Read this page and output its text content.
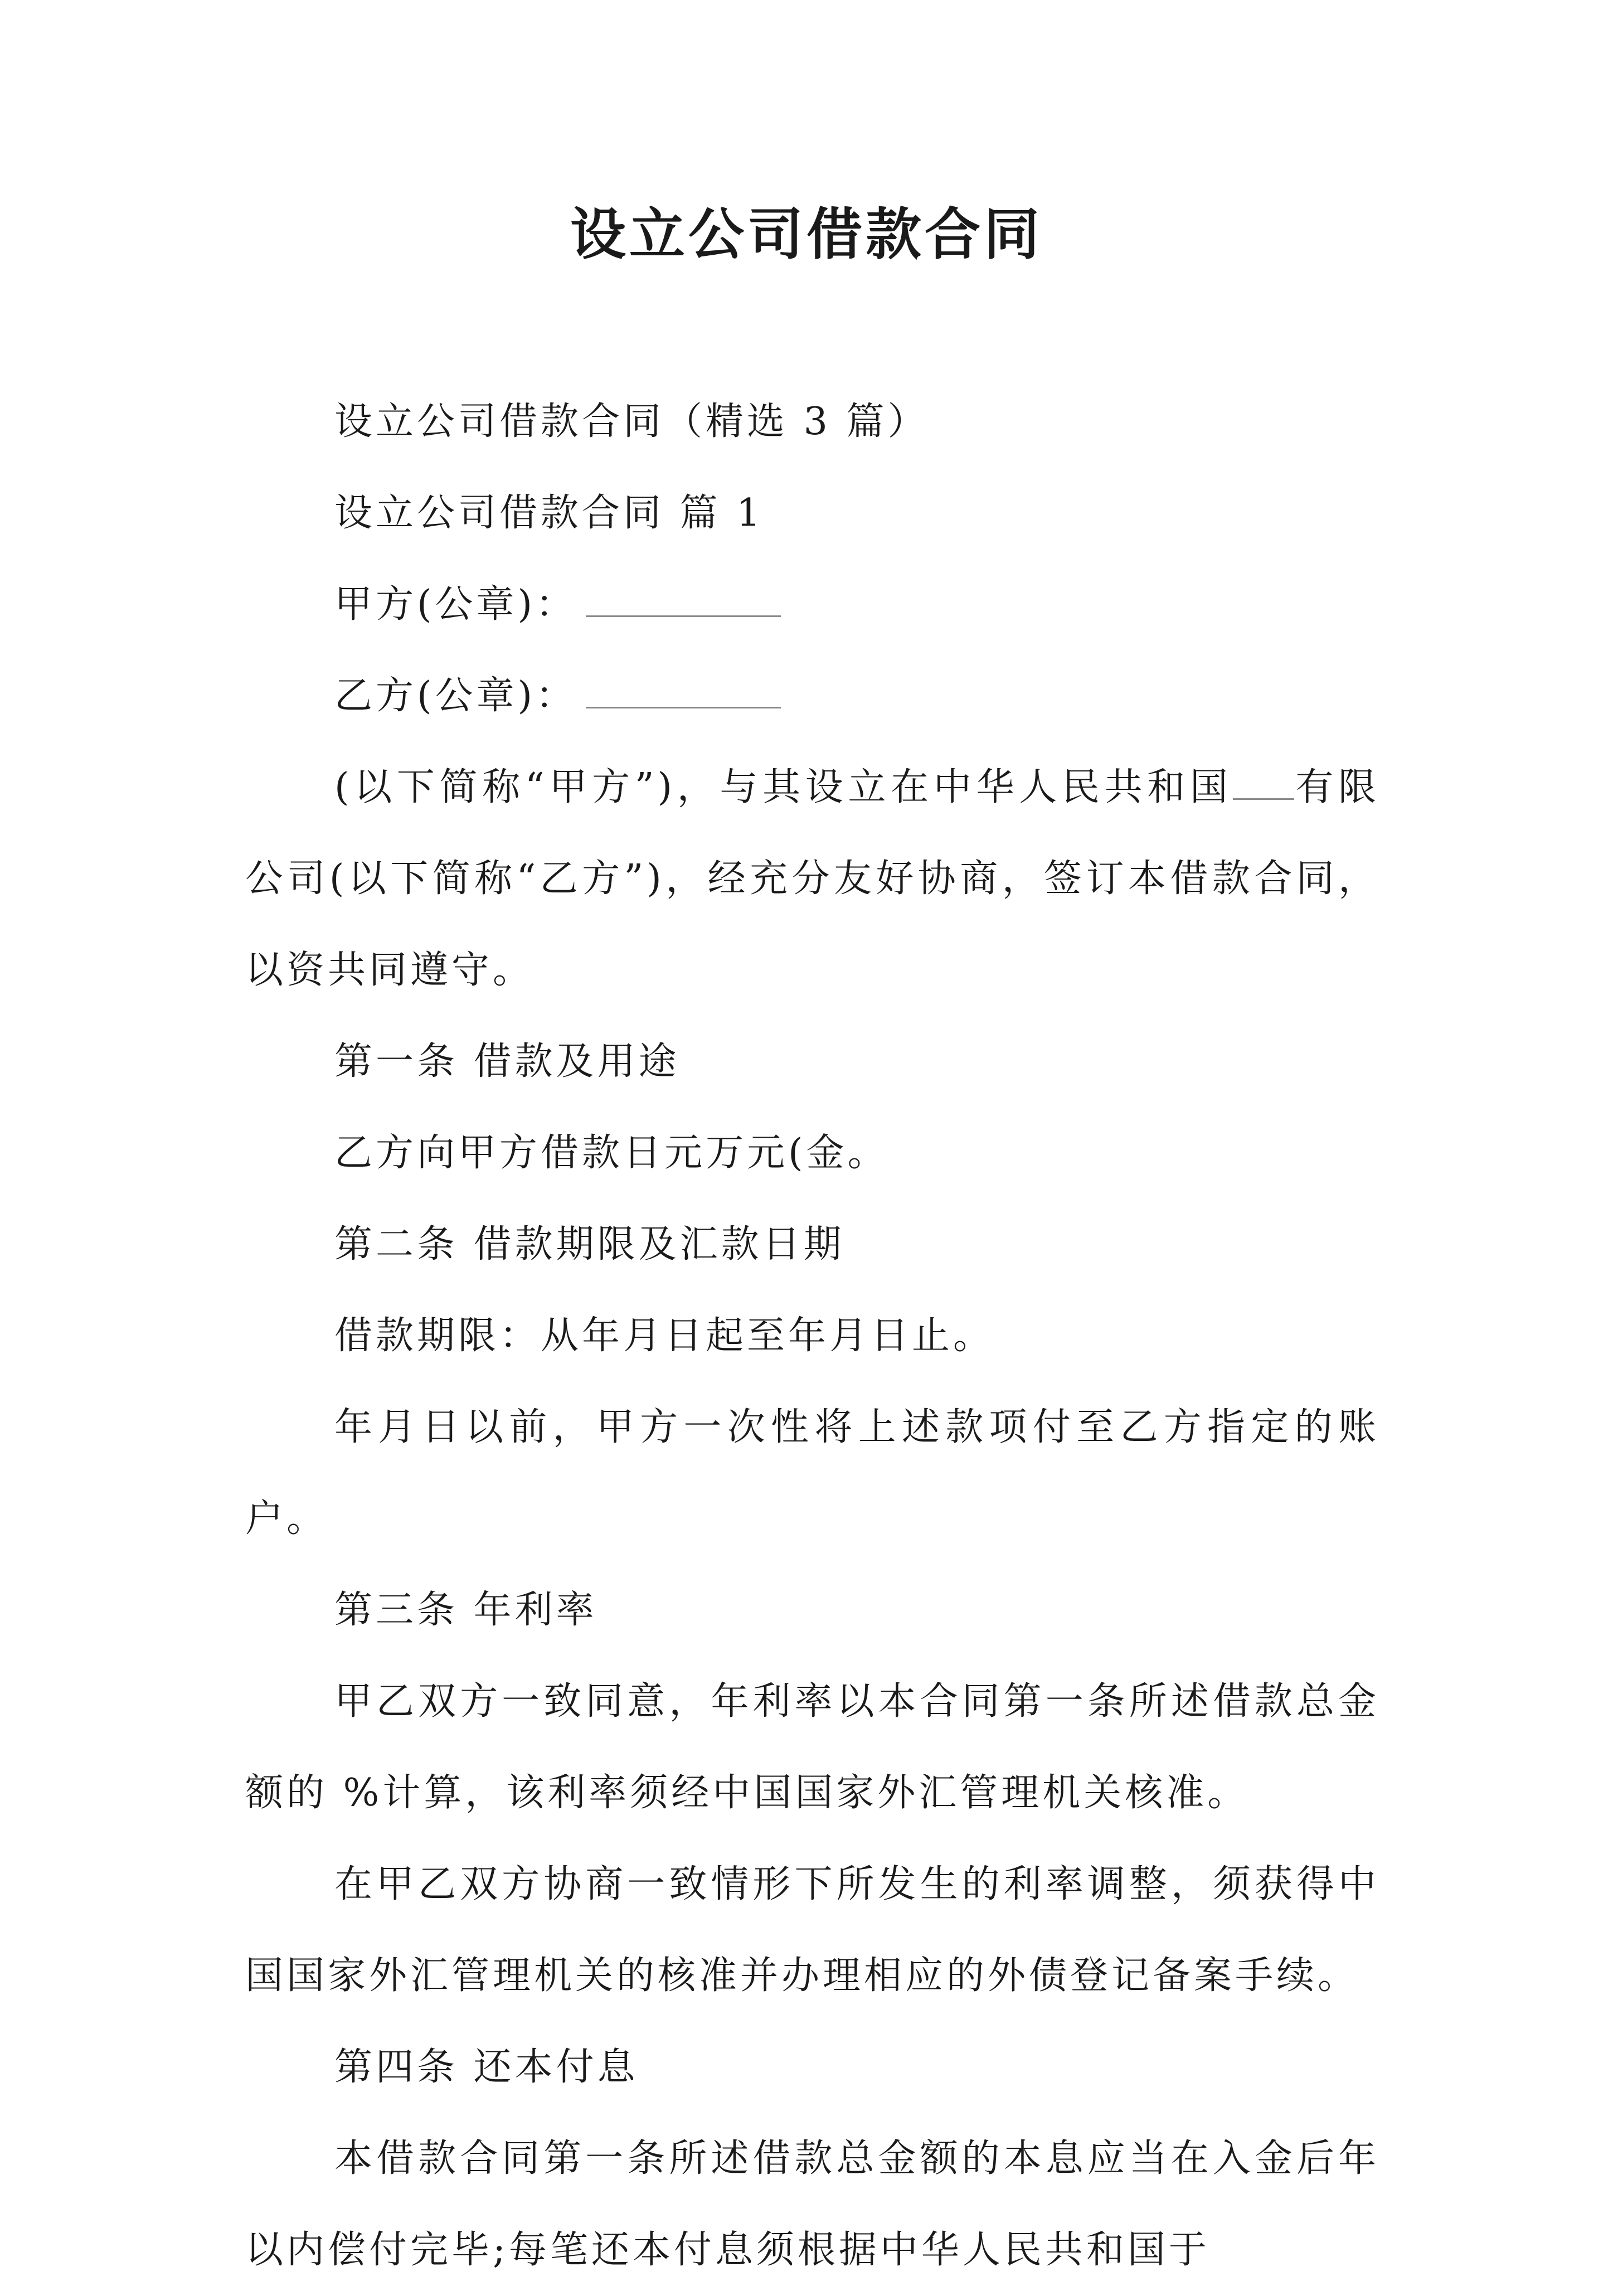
设立公司借款合同

设立公司借款合同（精选 3 篇）

设立公司借款合同 篇 1

甲方(公章)：

乙方(公章)：

(以下简称“甲方”)，与其设立在中华人民共和国 有限公司(以下简称“乙方”)，经充分友好协商，签订本借款合同，以资共同遵守。

第一条 借款及用途

乙方向甲方借款日元万元(金。

第二条 借款期限及汇款日期

借款期限：从年月日起至年月日止。

年月日以前，甲方一次性将上述款项付至乙方指定的账户。

第三条 年利率

甲乙双方一致同意，年利率以本合同第一条所述借款总金额的 %计算，该利率须经中国国家外汇管理机关核准。

在甲乙双方协商一致情形下所发生的利率调整，须获得中国国家外汇管理机关的核准并办理相应的外债登记备案手续。

第四条 还本付息

本借款合同第一条所述借款总金额的本息应当在入金后年以内偿付完毕;每笔还本付息须根据中华人民共和国于
